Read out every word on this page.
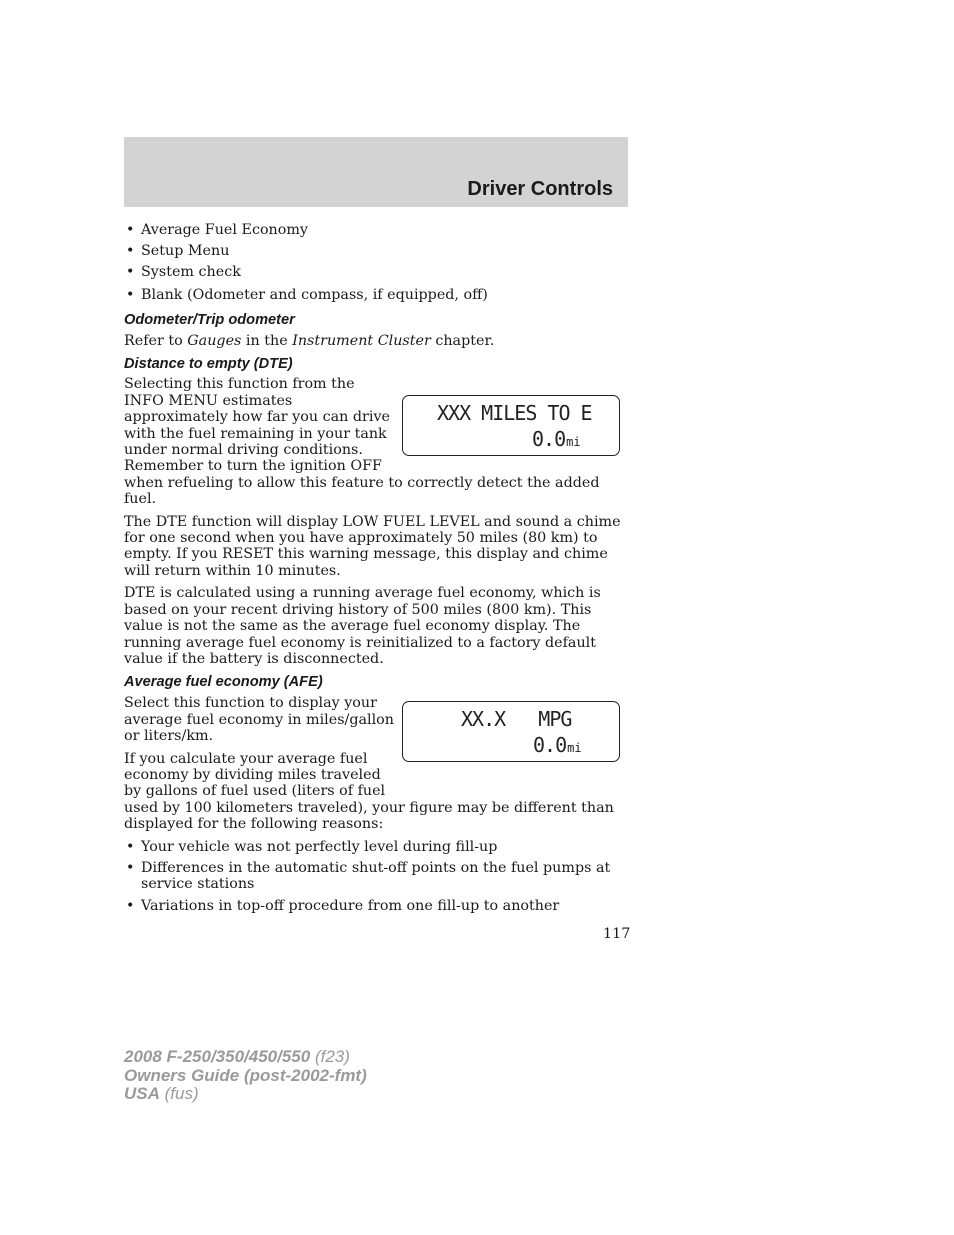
Driver Controls
• Average Fuel Economy
• Setup Menu
• System check
• Blank (Odometer and compass, if equipped, off)
Odometer/Trip odometer

Refer to Gauges in the Instrument Cluster chapter.

Distance to empty (DTE)
Selecting this function from the
INFO MENU estimates
approximately how far you can drive
with the fuel remaining in your tank
under normal driving conditions.
Remember to turn the ignition OFF
when refueling to allow this feature to correctly detect the added fuel.

The DTE function will display LOW FUEL LEVEL and sound a chime for one second when you have approximately 50 miles (80 km) to empty. If you RESET this warning message, this display and chime will return within 10 minutes.

DTE is calculated using a running average fuel economy, which is based on your recent driving history of 500 miles (800 km). This value is not the same as the average fuel economy display. The running average fuel economy is reinitialized to a factory default value if the battery is disconnected.

Average fuel economy (AFE)
Select this function to display your
average fuel economy in miles/gallon
or liters/km.
If you calculate your average fuel
economy by dividing miles traveled
by gallons of fuel used (liters of fuel
used by 100 kilometers traveled), your figure may be different than displayed for the following reasons:
• Your vehicle was not perfectly level during fill-up
• Differences in the automatic shut-off points on the fuel pumps at service stations
• Variations in top-off procedure from one fill-up to another
XXX MILES TO E
0.0mi
XX.X   MPG
0.0mi
117
2008 F-250/350/450/550 (f23)
Owners Guide (post-2002-fmt)
USA (fus)
